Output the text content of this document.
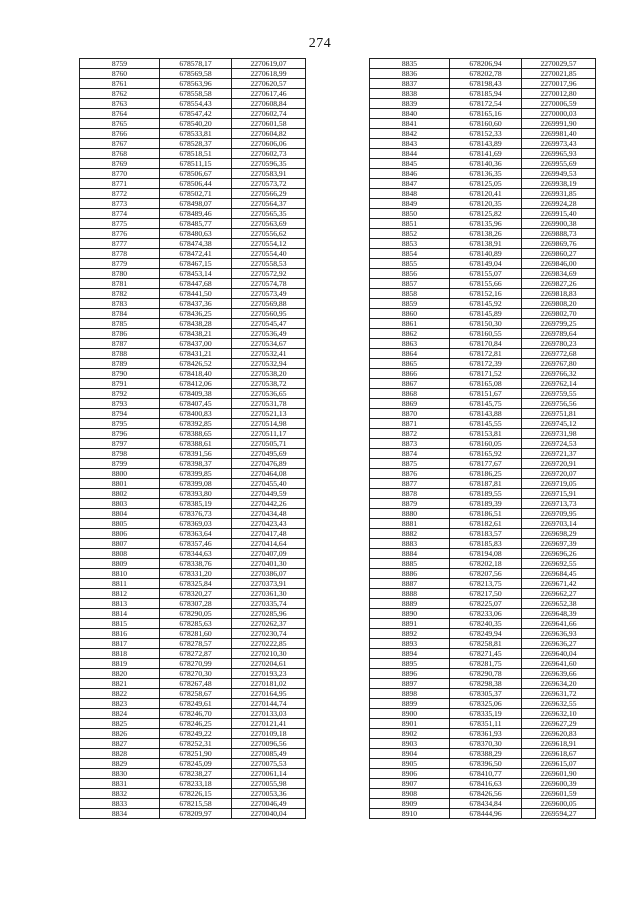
274
8759	678578,17	2270619,07
8760	678569,58	2270618,99
8761	678563,96	2270620,57
8762	678558,58	2270617,46
8763	678554,43	2270608,84
8764	678547,42	2270602,74
8765	678540,20	2270601,58
8766	678533,81	2270604,82
8767	678528,37	2270606,06
8768	678518,51	2270602,73
8769	678511,15	2270596,35
8770	678506,67	2270583,91
8771	678506,44	2270573,72
8772	678502,71	2270566,29
8773	678498,07	2270564,37
8774	678489,46	2270565,35
8775	678485,77	2270563,69
8776	678480,63	2270556,62
8777	678474,38	2270554,12
8778	678472,41	2270554,40
8779	678467,15	2270558,53
8780	678453,14	2270572,92
8781	678447,68	2270574,78
8782	678441,50	2270573,49
8783	678437,36	2270569,88
8784	678436,25	2270560,95
8785	678438,28	2270545,47
8786	678438,21	2270536,49
8787	678437,00	2270534,67
8788	678431,21	2270532,41
8789	678426,52	2270532,94
8790	678418,40	2270538,20
8791	678412,06	2270538,72
8792	678409,38	2270536,65
8793	678407,45	2270531,78
8794	678400,83	2270521,13
8795	678392,85	2270514,98
8796	678388,65	2270511,17
8797	678388,61	2270505,71
8798	678391,56	2270495,69
8799	678398,37	2270476,89
8800	678399,85	2270464,08
8801	678399,08	2270455,40
8802	678393,80	2270449,59
8803	678385,19	2270442,26
8804	678376,73	2270434,48
8805	678369,03	2270423,43
8806	678363,64	2270417,48
8807	678357,46	2270414,64
8808	678344,63	2270407,09
8809	678338,76	2270401,30
8810	678331,20	2270386,07
8811	678325,84	2270373,91
8812	678320,27	2270361,30
8813	678307,28	2270335,74
8814	678290,05	2270285,96
8815	678285,63	2270262,37
8816	678281,60	2270230,74
8817	678278,57	2270222,85
8818	678272,87	2270210,30
8819	678270,99	2270204,61
8820	678270,30	2270193,23
8821	678267,48	2270181,02
8822	678258,67	2270164,95
8823	678249,61	2270144,74
8824	678246,70	2270133,03
8825	678246,25	2270121,41
8826	678249,22	2270109,18
8827	678252,31	2270096,56
8828	678251,90	2270085,49
8829	678245,09	2270075,53
8830	678238,27	2270061,14
8831	678233,18	2270055,98
8832	678226,15	2270053,36
8833	678215,58	2270046,49
8834	678209,97	2270040,04
8835	678206,94	2270029,57
8836	678202,78	2270021,85
8837	678198,43	2270017,96
8838	678185,94	2270012,80
8839	678172,54	2270006,59
8840	678165,16	2270000,03
8841	678160,60	2269991,90
8842	678152,33	2269981,40
8843	678143,89	2269973,43
8844	678141,69	2269965,93
8845	678140,36	2269955,69
8846	678136,35	2269949,53
8847	678125,05	2269938,19
8848	678120,41	2269931,85
8849	678120,35	2269924,28
8850	678125,82	2269915,40
8851	678135,96	2269900,38
8852	678138,26	2269888,73
8853	678138,91	2269869,76
8854	678140,89	2269860,27
8855	678149,04	2269846,00
8856	678155,07	2269834,69
8857	678155,66	2269827,26
8858	678152,16	2269818,83
8859	678145,92	2269808,20
8860	678145,89	2269802,70
8861	678150,30	2269799,25
8862	678160,55	2269789,64
8863	678170,84	2269780,23
8864	678172,81	2269772,68
8865	678172,39	2269767,80
8866	678171,52	2269766,32
8867	678165,08	2269762,14
8868	678151,67	2269759,55
8869	678145,75	2269756,56
8870	678143,88	2269751,81
8871	678145,55	2269745,12
8872	678153,81	2269731,98
8873	678160,05	2269724,53
8874	678165,92	2269721,37
8875	678177,67	2269720,91
8876	678186,25	2269720,07
8877	678187,81	2269719,05
8878	678189,55	2269715,91
8879	678189,39	2269713,73
8880	678186,51	2269709,95
8881	678182,61	2269703,14
8882	678183,57	2269698,29
8883	678185,83	2269697,39
8884	678194,08	2269696,26
8885	678202,18	2269692,55
8886	678207,56	2269684,45
8887	678213,75	2269671,42
8888	678217,50	2269662,27
8889	678225,07	2269652,38
8890	678233,06	2269648,39
8891	678240,35	2269641,66
8892	678249,94	2269636,93
8893	678258,81	2269636,27
8894	678271,45	2269640,04
8895	678281,75	2269641,60
8896	678290,78	2269639,66
8897	678298,38	2269634,20
8898	678305,37	2269631,72
8899	678325,06	2269632,55
8900	678335,19	2269632,10
8901	678351,11	2269627,29
8902	678361,93	2269620,83
8903	678370,30	2269618,91
8904	678388,29	2269618,67
8905	678396,50	2269615,07
8906	678410,77	2269601,90
8907	678416,63	2269600,39
8908	678426,56	2269601,59
8909	678434,84	2269600,05
8910	678444,96	2269594,27
